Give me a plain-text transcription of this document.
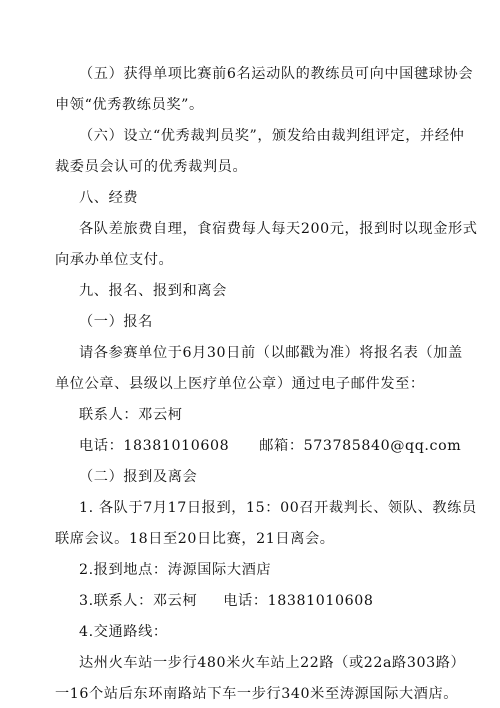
（五）获得单项比赛前6名运动队的教练员可向中国毽球协会
申领“优秀教练员奖”。
（六）设立“优秀裁判员奖”，颁发给由裁判组评定，并经仲
裁委员会认可的优秀裁判员。
八、经费
各队差旅费自理，食宿费每人每天200元，报到时以现金形式
向承办单位支付。
九、报名、报到和离会
（一）报名
请各参赛单位于6月30日前（以邮戳为准）将报名表（加盖
单位公章、县级以上医疗单位公章）通过电子邮件发至：
联系人：邓云柯
电话：18381010608 邮箱：573785840@qq.com
（二）报到及离会
1. 各队于7月17日报到，15：00召开裁判长、领队、教练员
联席会议。18日至20日比赛，21日离会。
2.报到地点：涛源国际大酒店
3.联系人：邓云柯 电话：18381010608
4.交通路线：
达州火车站一步行480米火车站上22路（或22a路303路）
一16个站后东环南路站下车一步行340米至涛源国际大酒店。
